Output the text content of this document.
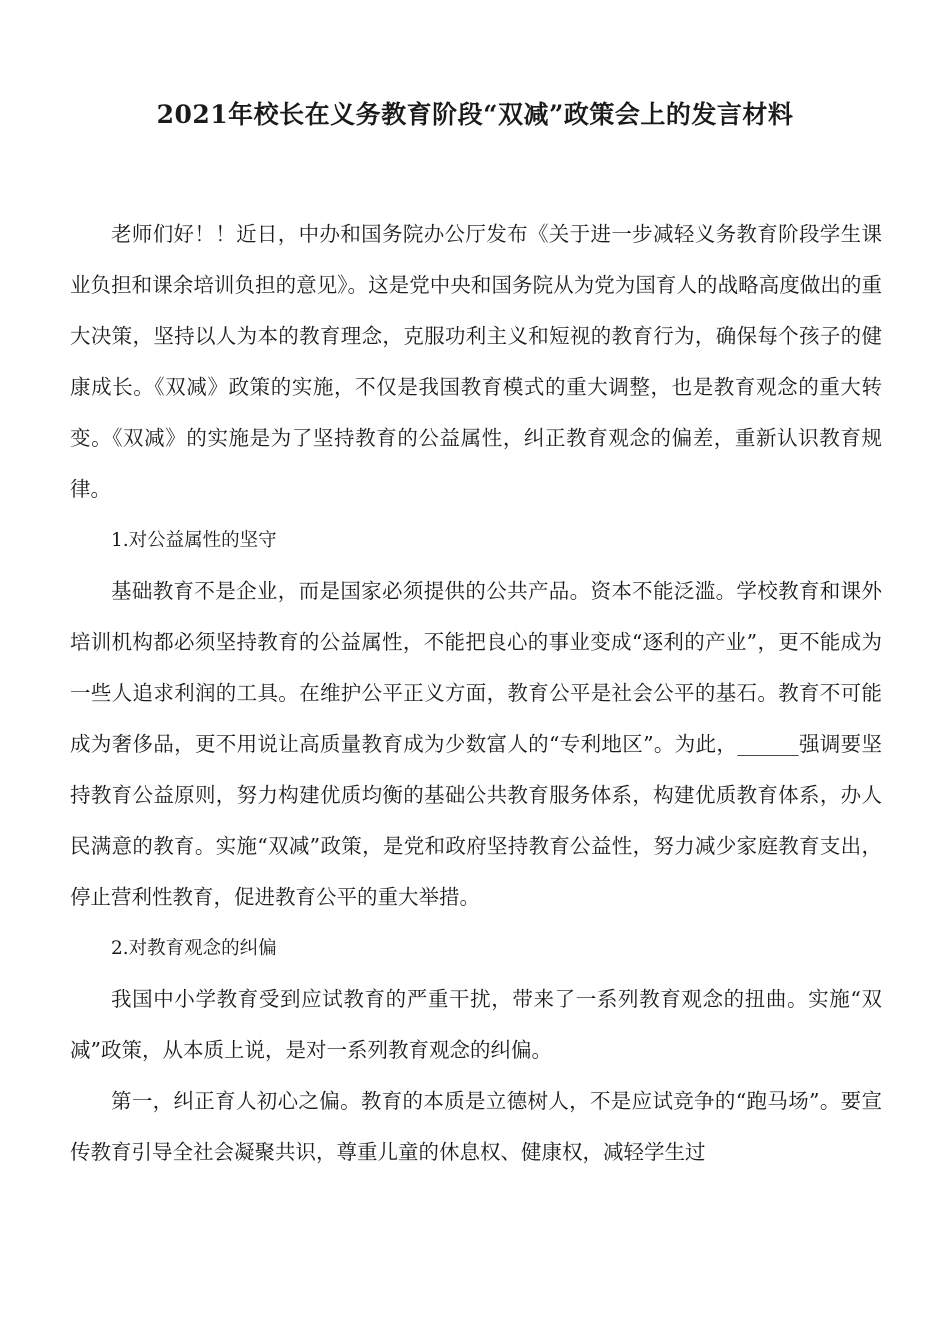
2021年校长在义务教育阶段“双减”政策会上的发言材料

老师们好！！近日，中办和国务院办公厅发布《关于进一步减轻义务教育阶段学生课业负担和课余培训负担的意见》。这是党中央和国务院从为党为国育人的战略高度做出的重大决策，坚持以人为本的教育理念，克服功利主义和短视的教育行为，确保每个孩子的健康成长。《双减》政策的实施，不仅是我国教育模式的重大调整，也是教育观念的重大转变。《双减》的实施是为了坚持教育的公益属性，纠正教育观念的偏差，重新认识教育规律。

1.对公益属性的坚守

基础教育不是企业，而是国家必须提供的公共产品。资本不能泛滥。学校教育和课外培训机构都必须坚持教育的公益属性，不能把良心的事业变成“逐利的产业”，更不能成为一些人追求利润的工具。在维护公平正义方面，教育公平是社会公平的基石。教育不可能成为奢侈品，更不用说让高质量教育成为少数富人的“专利地区”。为此，______强调要坚持教育公益原则，努力构建优质均衡的基础公共教育服务体系，构建优质教育体系，办人民满意的教育。实施“双减”政策，是党和政府坚持教育公益性，努力减少家庭教育支出，停止营利性教育，促进教育公平的重大举措。

2.对教育观念的纠偏

我国中小学教育受到应试教育的严重干扰，带来了一系列教育观念的扭曲。实施“双减”政策，从本质上说，是对一系列教育观念的纠偏。

第一，纠正育人初心之偏。教育的本质是立德树人，不是应试竞争的“跑马场”。要宣传教育引导全社会凝聚共识，尊重儿童的休息权、健康权，减轻学生过
